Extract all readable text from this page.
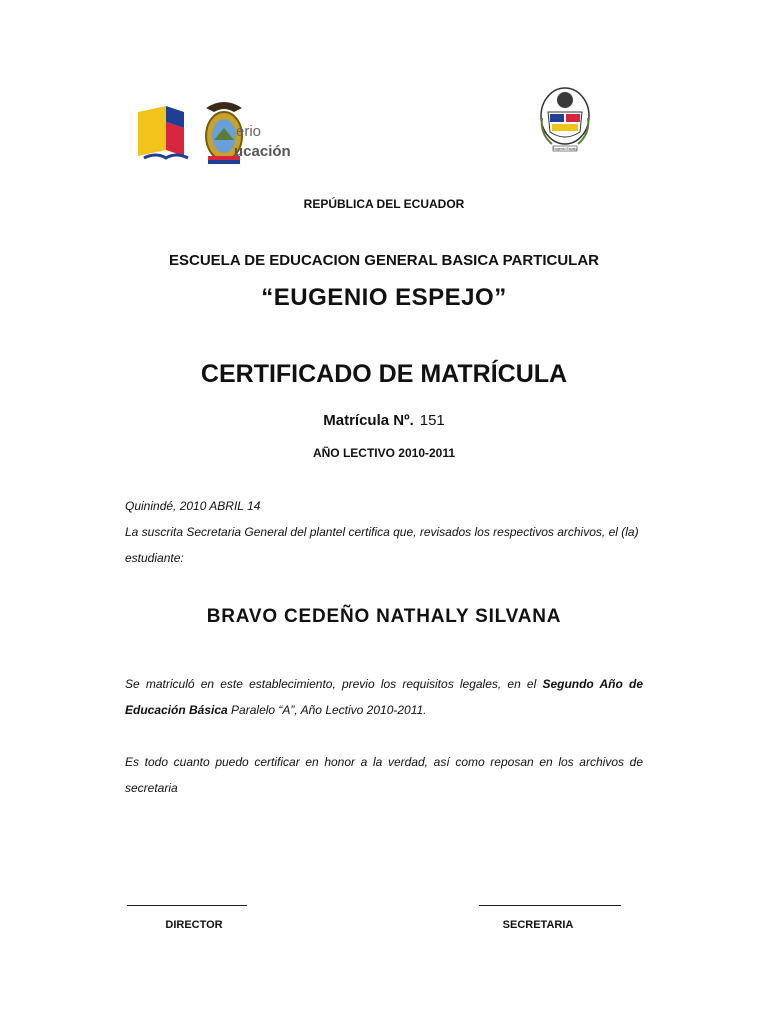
erio
ucación	Eugenio Espejo
REPÚBLICA DEL ECUADOR
ESCUELA DE EDUCACION GENERAL BASICA PARTICULAR
“EUGENIO ESPEJO”
CERTIFICADO DE MATRÍCULA
Matrícula Nº. 151
AÑO LECTIVO 2010-2011
Quinindé, 2010 ABRIL 14
La suscrita Secretaria General del plantel certifica que, revisados los respectivos archivos, el (la) estudiante:
BRAVO CEDEÑO NATHALY SILVANA
Se matriculó en este establecimiento, previo los requisitos legales, en el Segundo Año de Educación Básica Paralelo “A”, Año Lectivo 2010-2011.
Es todo cuanto puedo certificar en honor a la verdad, así como reposan en los archivos de secretaria
DIRECTOR	SECRETARIA
